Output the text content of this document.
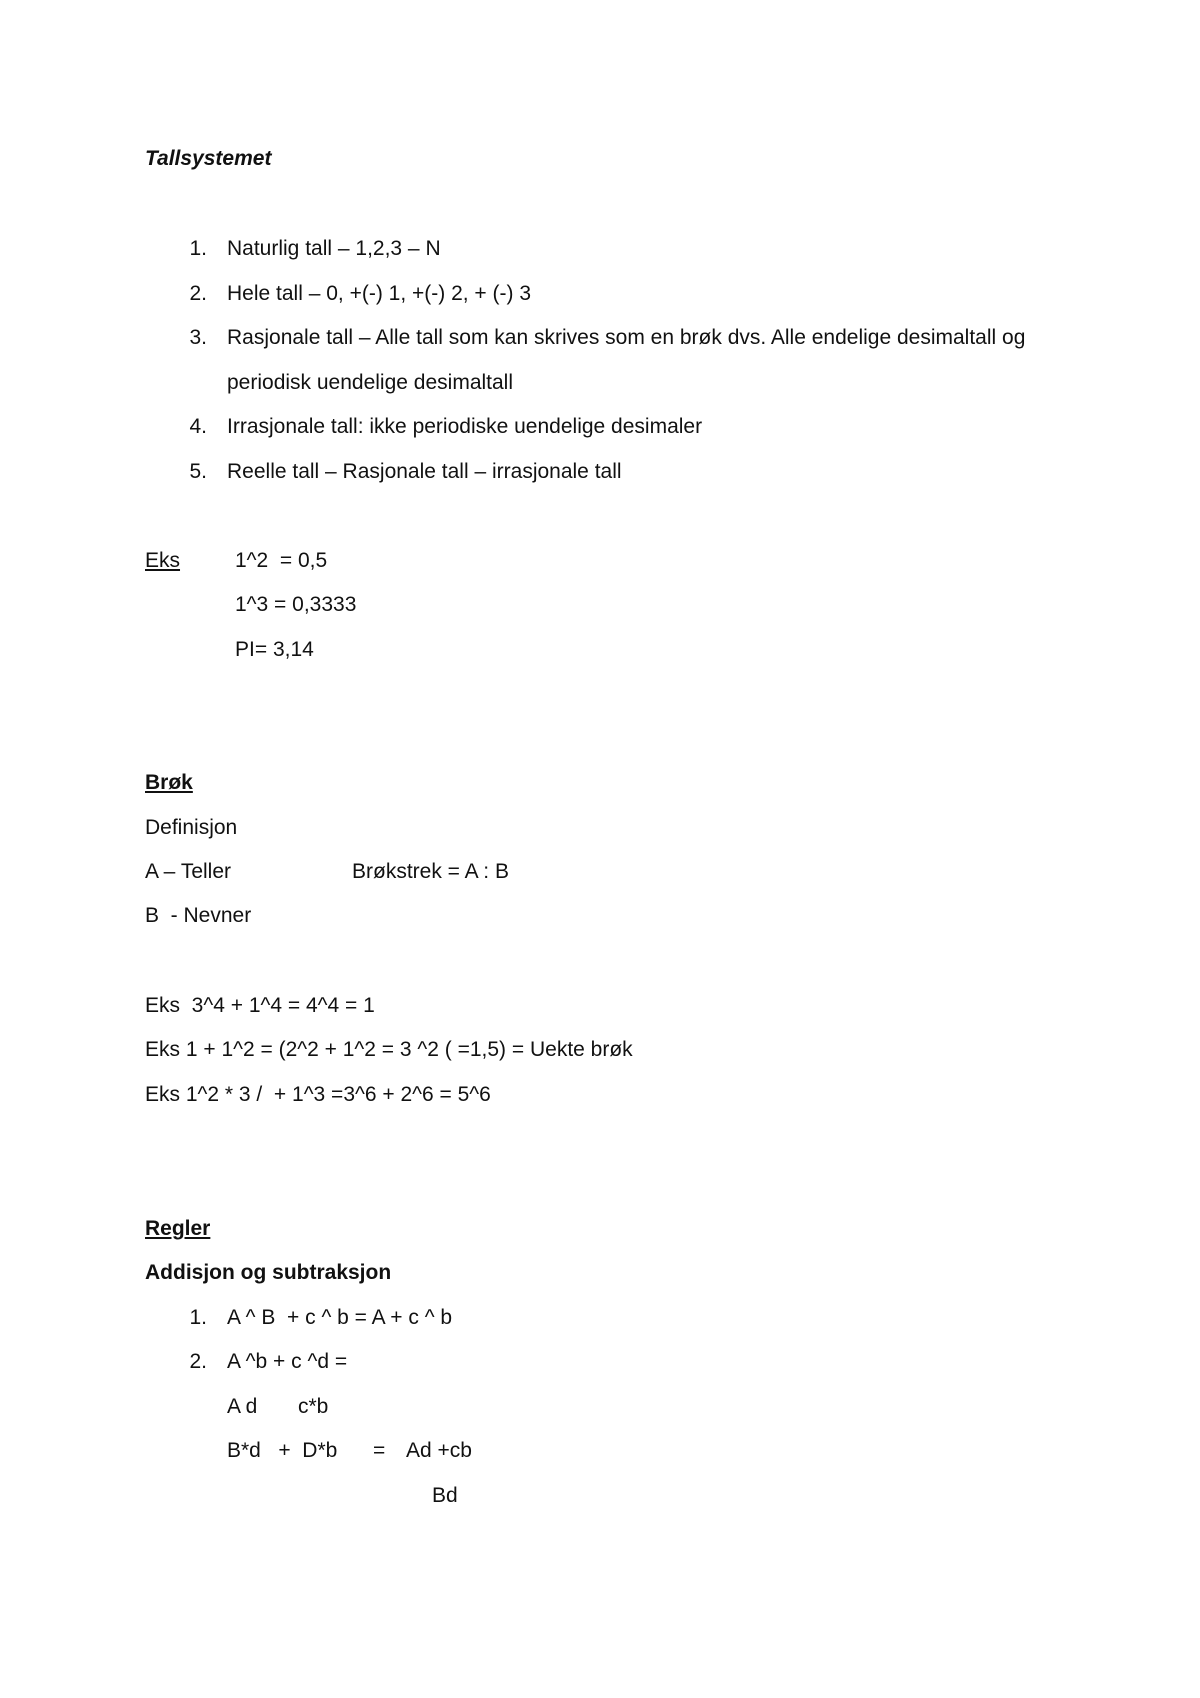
Tallsystemet
1. Naturlig tall – 1,2,3 – N
2. Hele tall – 0, +(-) 1, +(-) 2, + (-) 3
3. Rasjonale tall – Alle tall som kan skrives som en brøk dvs. Alle endelige desimaltall og
periodisk uendelige desimaltall
4. Irrasjonale tall: ikke periodiske uendelige desimaler
5. Reelle tall – Rasjonale tall – irrasjonale tall
Eks	1^2  = 0,5
1^3 = 0,3333
PI= 3,14
Brøk
Definisjon
A – Teller	Brøkstrek = A : B
B  - Nevner
Eks  3^4 + 1^4 = 4^4 = 1
Eks 1 + 1^2 = (2^2 + 1^2 = 3 ^2 ( =1,5) = Uekte brøk
Eks 1^2 * 3 /  + 1^3 =3^6 + 2^6 = 5^6
Regler
Addisjon og subtraksjon
1. A ^ B  + c ^ b = A + c ^ b
2. A ^b + c ^d =
A d c*b
B*d   +  D*b = Ad +cb
Bd
